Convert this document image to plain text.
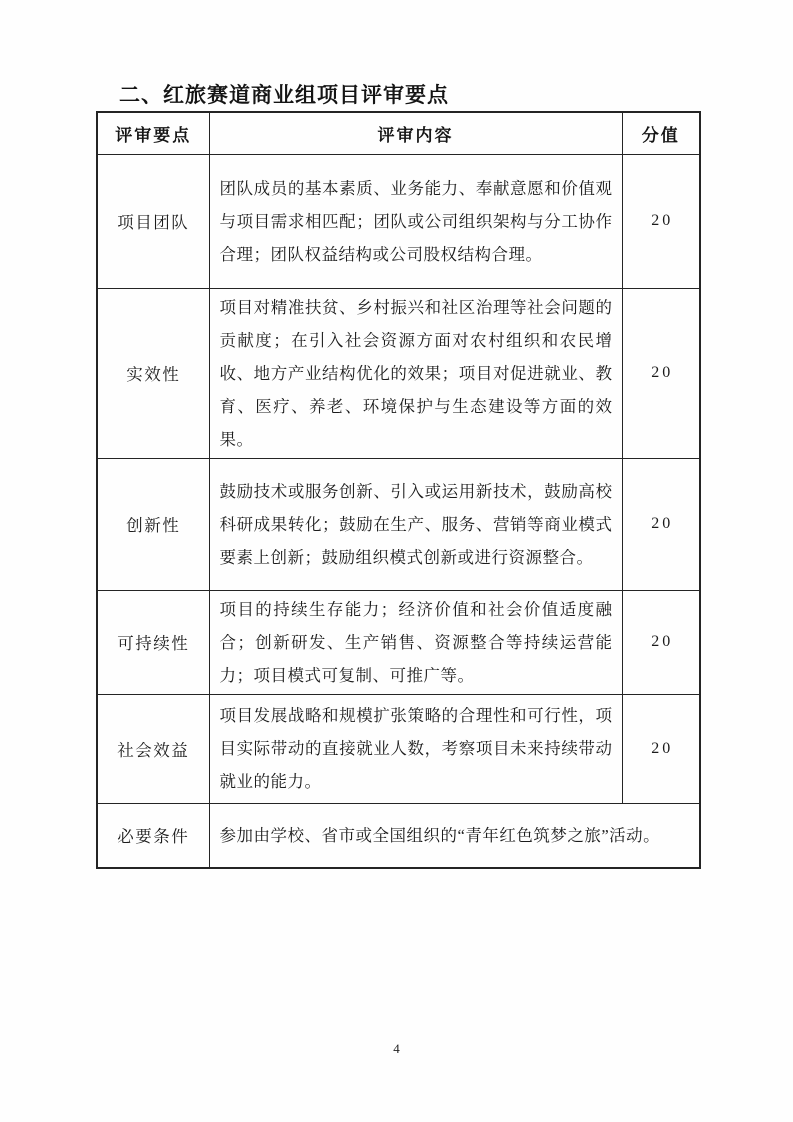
二、红旅赛道商业组项目评审要点
评审要点	评审内容	分值
项目团队	团队成员的基本素质、业务能力、奉献意愿和价值观与项目需求相匹配；团队或公司组织架构与分工协作合理；团队权益结构或公司股权结构合理。	20
实效性	项目对精准扶贫、乡村振兴和社区治理等社会问题的贡献度；在引入社会资源方面对农村组织和农民增收、地方产业结构优化的效果；项目对促进就业、教育、医疗、养老、环境保护与生态建设等方面的效果。	20
创新性	鼓励技术或服务创新、引入或运用新技术，鼓励高校科研成果转化；鼓励在生产、服务、营销等商业模式要素上创新；鼓励组织模式创新或进行资源整合。	20
可持续性	项目的持续生存能力；经济价值和社会价值适度融合；创新研发、生产销售、资源整合等持续运营能力；项目模式可复制、可推广等。	20
社会效益	项目发展战略和规模扩张策略的合理性和可行性，项目实际带动的直接就业人数，考察项目未来持续带动就业的能力。	20
必要条件	参加由学校、省市或全国组织的“青年红色筑梦之旅”活动。	
4
